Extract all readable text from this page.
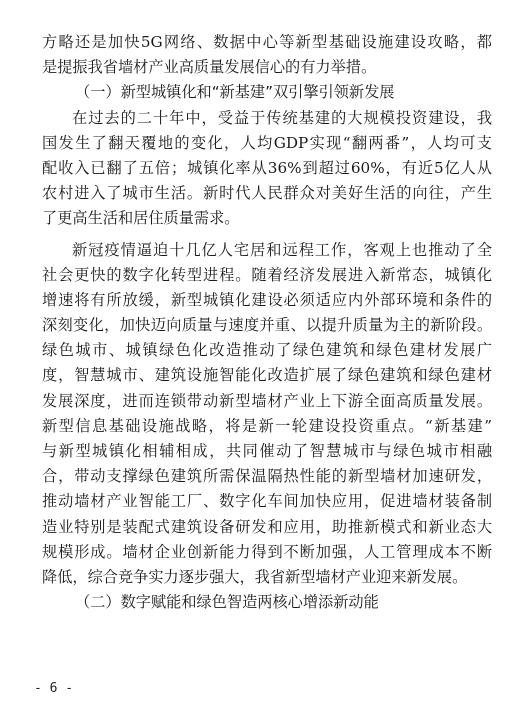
方略还是加快5G网络、数据中心等新型基础设施建设攻略，都
是提振我省墙材产业高质量发展信心的有力举措。

（一）新型城镇化和“新基建”双引擎引领新发展

在过去的二十年中，受益于传统基建的大规模投资建设，我
国发生了翻天覆地的变化，人均GDP实现“翻两番”，人均可支
配收入已翻了五倍；城镇化率从36%到超过60%，有近5亿人从
农村进入了城市生活。新时代人民群众对美好生活的向往，产生
了更高生活和居住质量需求。

新冠疫情逼迫十几亿人宅居和远程工作，客观上也推动了全
社会更快的数字化转型进程。随着经济发展进入新常态，城镇化
增速将有所放缓，新型城镇化建设必须适应内外部环境和条件的
深刻变化，加快迈向质量与速度并重、以提升质量为主的新阶段。
绿色城市、城镇绿色化改造推动了绿色建筑和绿色建材发展广
度，智慧城市、建筑设施智能化改造扩展了绿色建筑和绿色建材
发展深度，进而连锁带动新型墙材产业上下游全面高质量发展。
新型信息基础设施战略，将是新一轮建设投资重点。“新基建”
与新型城镇化相辅相成，共同催动了智慧城市与绿色城市相融
合，带动支撑绿色建筑所需保温隔热性能的新型墙材加速研发，
推动墙材产业智能工厂、数字化车间加快应用，促进墙材装备制
造业特别是装配式建筑设备研发和应用，助推新模式和新业态大
规模形成。墙材企业创新能力得到不断加强，人工管理成本不断
降低，综合竞争实力逐步强大，我省新型墙材产业迎来新发展。

（二）数字赋能和绿色智造两核心增添新动能
- 6 -
